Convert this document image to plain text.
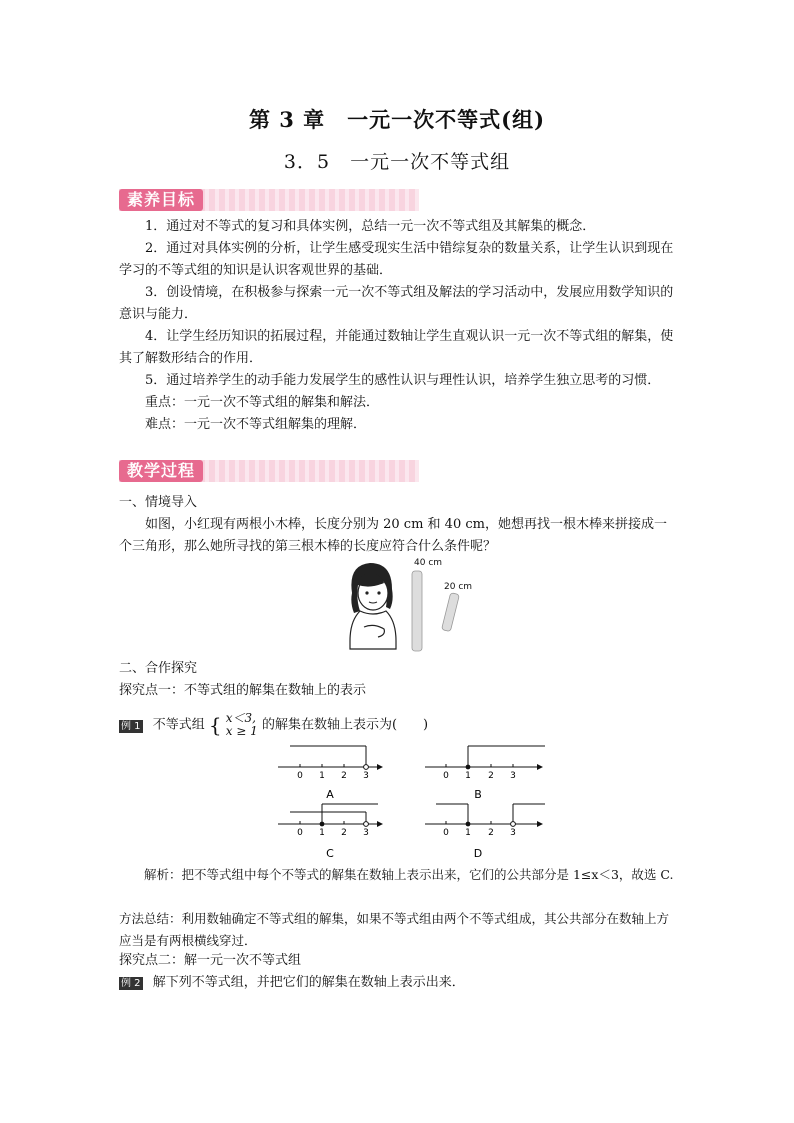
第 3 章　一元一次不等式(组)
3．5　一元一次不等式组
素养目标

1．通过对不等式的复习和具体实例，总结一元一次不等式组及其解集的概念．

2．通过对具体实例的分析，让学生感受现实生活中错综复杂的数量关系，让学生认识到现在学习的不等式组的知识是认识客观世界的基础．

3．创设情境，在积极参与探索一元一次不等式组及解法的学习活动中，发展应用数学知识的意识与能力．

4．让学生经历知识的拓展过程，并能通过数轴让学生直观认识一元一次不等式组的解集，使其了解数形结合的作用．

5．通过培养学生的动手能力发展学生的感性认识与理性认识，培养学生独立思考的习惯．

重点：一元一次不等式组的解集和解法．

难点：一元一次不等式组解集的理解．

教学过程
一、情境导入
如图，小红现有两根小木棒，长度分别为 20 cm 和 40 cm，她想再找一根木棒来拼接成一个三角形，那么她所寻找的第三根木棒的长度应符合什么条件呢？
40 cm
20 cm
二、合作探究
探究点一：不等式组的解集在数轴上的表示
例 1 不等式组 { x＜3,
x ≥ 1 的解集在数轴上表示为(　　)
0 1 2 3
A
0 1 2 3
B
0 1 2 3
C
0 1 2 3
D
解析：把不等式组中每个不等式的解集在数轴上表示出来，它们的公共部分是 1≤x＜3，故选 C.
方法总结：利用数轴确定不等式组的解集，如果不等式组由两个不等式组成，其公共部分在数轴上方应当是有两根横线穿过．
探究点二：解一元一次不等式组
例 2 解下列不等式组，并把它们的解集在数轴上表示出来．
